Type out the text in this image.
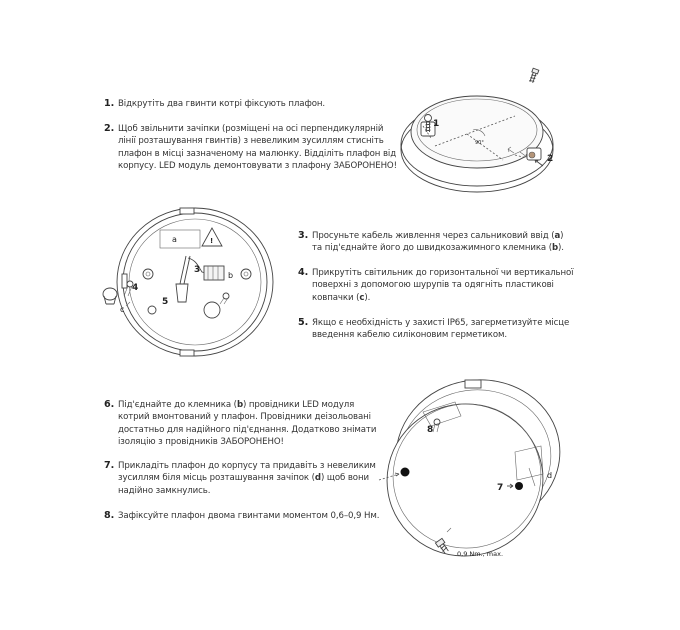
1. Відкрутіть два гвинти котрі фіксують плафон.
2. Щоб звільнити зачіпки (розміщені на осі перпендикулярній
лінії розташування гвинтів) з невеликим зусиллям стисніть
плафон в місці зазначеному на малюнку. Відділіть плафон від
корпусу. LED модуль демонтовувати з плафону ЗАБОРОНЕНО!
3. Просуньте кабель живлення через сальниковий ввід (a)
та під'єднайте його до швидкозажимного клемника (b).
4. Прикрутіть світильник до горизонтальної чи вертикальної
поверхні з допомогою шурупів та одягніть пластикові
ковпачки (c).
5. Якщо є необхідність у захисті IP65, загерметизуйте місце
введення кабелю силіконовим герметиком.
6. Під'єднайте до клемника (b) провідники LED модуля
котрий вмонтований у плафон. Провідники деізольовані
достатньо для надійного під'єднання. Додатково знімати
ізоляцію з провідників ЗАБОРОНЕНО!
7. Прикладіть плафон до корпусу та придавіть з невеликим
зусиллям біля місць розташування зачіпок (d) щоб вони
надійно замкнулись.
8. Зафіксуйте плафон двома гвинтами моментом 0,6–0,9 Нм.
90°
1
2
!
a
b
3
4
c
5
8
7
d
0,9 Nm., max.
